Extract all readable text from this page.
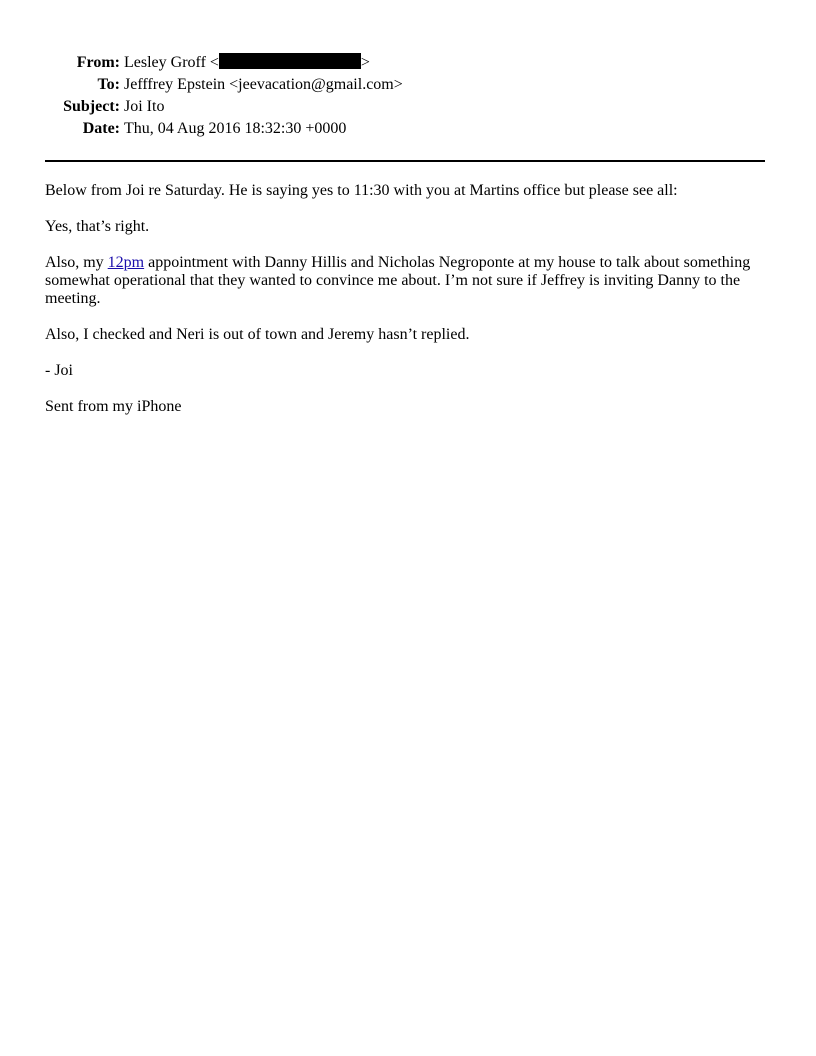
From: Lesley Groff <	>
To: Jefffrey Epstein <jeevacation@gmail.com>
Subject: Joi Ito
Date: Thu, 04 Aug 2016 18:32:30 +0000

Below from Joi re Saturday. He is saying yes to 11:30 with you at Martins office but please see all:

Yes, that’s right.

Also, my 12pm appointment with Danny Hillis and Nicholas Negroponte at my house to talk about something somewhat operational that they wanted to convince me about. I’m not sure if Jeffrey is inviting Danny to the meeting.

Also, I checked and Neri is out of town and Jeremy hasn’t replied.

- Joi

Sent from my iPhone
